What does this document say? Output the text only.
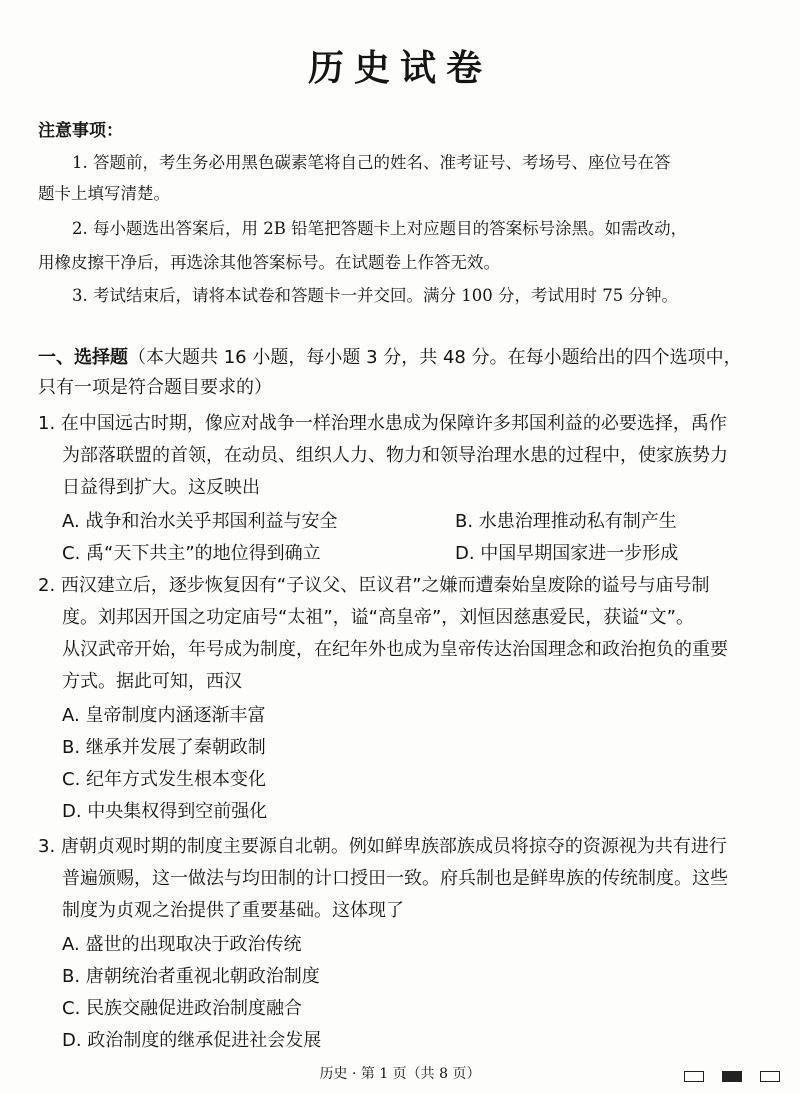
历史试卷
注意事项：
1. 答题前，考生务必用黑色碳素笔将自己的姓名、准考证号、考场号、座位号在答
题卡上填写清楚。
2. 每小题选出答案后，用 2B 铅笔把答题卡上对应题目的答案标号涂黑。如需改动，
用橡皮擦干净后，再选涂其他答案标号。在试题卷上作答无效。
3. 考试结束后，请将本试卷和答题卡一并交回。满分 100 分，考试用时 75 分钟。
一、选择题（本大题共 16 小题，每小题 3 分，共 48 分。在每小题给出的四个选项中，
只有一项是符合题目要求的）
1. 在中国远古时期，像应对战争一样治理水患成为保障许多邦国利益的必要选择，禹作
为部落联盟的首领，在动员、组织人力、物力和领导治理水患的过程中，使家族势力
日益得到扩大。这反映出
A. 战争和治水关乎邦国利益与安全	B. 水患治理推动私有制产生
C. 禹“天下共主”的地位得到确立	D. 中国早期国家进一步形成
2. 西汉建立后，逐步恢复因有“子议父、臣议君”之嫌而遭秦始皇废除的谥号与庙号制
度。刘邦因开国之功定庙号“太祖”，谥“高皇帝”，刘恒因慈惠爱民，获谥“文”。
从汉武帝开始，年号成为制度，在纪年外也成为皇帝传达治国理念和政治抱负的重要
方式。据此可知，西汉
A. 皇帝制度内涵逐渐丰富
B. 继承并发展了秦朝政制
C. 纪年方式发生根本变化
D. 中央集权得到空前强化
3. 唐朝贞观时期的制度主要源自北朝。例如鲜卑族部族成员将掠夺的资源视为共有进行
普遍颁赐，这一做法与均田制的计口授田一致。府兵制也是鲜卑族的传统制度。这些
制度为贞观之治提供了重要基础。这体现了
A. 盛世的出现取决于政治传统
B. 唐朝统治者重视北朝政治制度
C. 民族交融促进政治制度融合
D. 政治制度的继承促进社会发展
历史 · 第 1 页（共 8 页）
